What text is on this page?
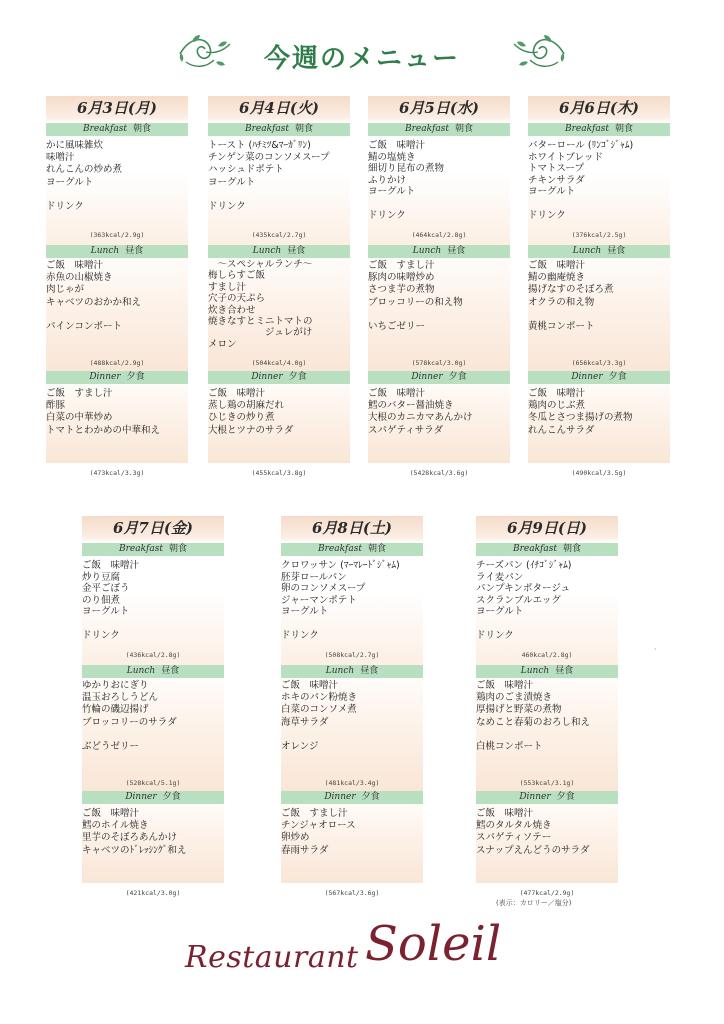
今週のメニュー
6月3日(月)
Breakfast 朝食
かに風味雑炊
味噌汁
れんこんの炒め煮
ヨーグルト

ドリンク
(363kcal/2.9g)
Lunch 昼食
ご飯　味噌汁
赤魚の山椒焼き
肉じゃが
キャベツのおかか和え

パインコンポート
(488kcal/2.9g)
Dinner 夕食
ご飯　すまし汁
酢豚
白菜の中華炒め
トマトとわかめの中華和え
(473kcal/3.3g)
6月4日(火)
Breakfast 朝食
トースト (ﾊﾁﾐﾂ&ﾏｰｶﾞﾘﾝ)
チンゲン菜のコンソメスープ
ハッシュドポテト
ヨーグルト

ドリンク
(435kcal/2.7g)
Lunch 昼食
　～スペシャルランチ～
梅しらすご飯
すまし汁
穴子の天ぷら
炊き合わせ
焼きなすとミニトマトの
　　　　　　ジュレがけ
メロン
(504kcal/4.0g)
Dinner 夕食
ご飯　味噌汁
蒸し鶏の胡麻だれ
ひじきの炒り煮
大根とツナのサラダ
(455kcal/3.8g)
6月5日(水)
Breakfast 朝食
ご飯　味噌汁
鯖の塩焼き
細切り昆布の煮物
ふりかけ
ヨーグルト

ドリンク
(464kcal/2.8g)
Lunch 昼食
ご飯　すまし汁
豚肉の味噌炒め
さつま芋の煮物
ブロッコリーの和え物

いちごゼリー
(578kcal/3.0g)
Dinner 夕食
ご飯　味噌汁
鱈のバター醤油焼き
大根のカニカマあんかけ
スパゲティサラダ
(5428kcal/3.6g)
6月6日(木)
Breakfast 朝食
バターロール (ﾘﾝｺﾞｼﾞｬﾑ)
ホワイトブレッド
トマトスープ
チキンサラダ
ヨーグルト

ドリンク
(376kcal/2.5g)
Lunch 昼食
ご飯　味噌汁
鯖の幽庵焼き
揚げなすのそぼろ煮
オクラの和え物

黄桃コンポート
(656kcal/3.3g)
Dinner 夕食
ご飯　味噌汁
鶏肉のじぶ煮
冬瓜とさつま揚げの煮物
れんこんサラダ
(490kcal/3.5g)
6月7日(金)
Breakfast 朝食
ご飯　味噌汁
炒り豆腐
金平ごぼう
のり佃煮
ヨーグルト

ドリンク
(436kcal/2.8g)
Lunch 昼食
ゆかりおにぎり
温玉おろしうどん
竹輪の磯辺揚げ
ブロッコリーのサラダ

ぶどうゼリー
(528kcal/5.1g)
Dinner 夕食
ご飯　味噌汁
鱈のホイル焼き
里芋のそぼろあんかけ
キャベツのﾄﾞﾚｯｼﾝｸﾞ和え
(421kcal/3.0g)
6月8日(土)
Breakfast 朝食
クロワッサン (ﾏｰﾏﾚｰﾄﾞｼﾞｬﾑ)
胚芽ロールパン
卵のコンソメスープ
ジャーマンポテト
ヨーグルト

ドリンク
(508kcal/2.7g)
Lunch 昼食
ご飯　味噌汁
ホキのパン粉焼き
白菜のコンソメ煮
海草サラダ

オレンジ
(481kcal/3.4g)
Dinner 夕食
ご飯　すまし汁
チンジャオロース
卵炒め
春雨サラダ
(567kcal/3.6g)
6月9日(日)
Breakfast 朝食
チーズパン (ｲﾁｺﾞｼﾞｬﾑ)
ライ麦パン
パンプキンポタージュ
スクランブルエッグ
ヨーグルト

ドリンク
460kcal/2.8g)
Lunch 昼食
ご飯　味噌汁
鶏肉のごま漬焼き
厚揚げと野菜の煮物
なめこと春菊のおろし和え

白桃コンポート
(553kcal/3.1g)
Dinner 夕食
ご飯　味噌汁
鱈のタルタル焼き
スパゲティソテー
スナップえんどうのサラダ
(477kcal/2.9g)
·
(表示：カロリー／塩分)
Restaurant Soleil
